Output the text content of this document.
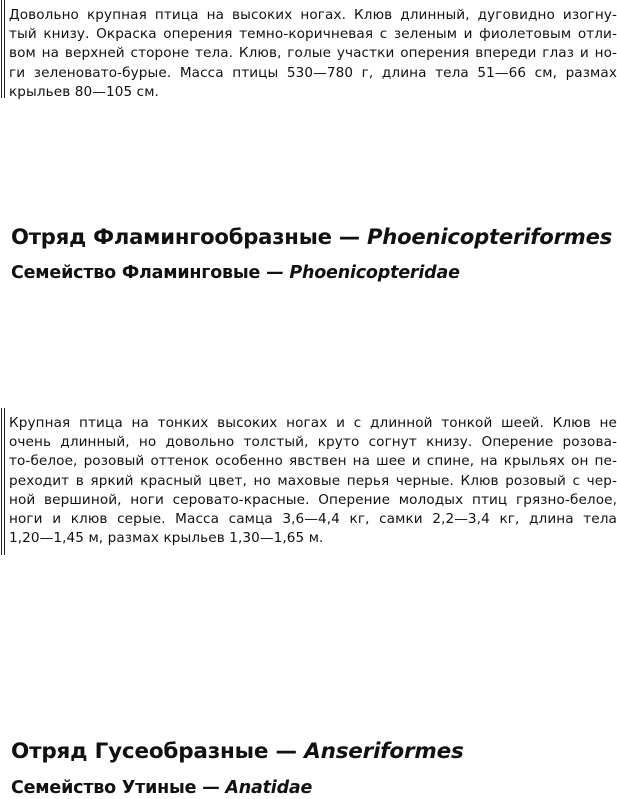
Довольно крупная птица на высоких ногах. Клюв длинный, дуговидно изогну-
тый книзу. Окраска оперения темно-коричневая с зеленым и фиолетовым отли-
вом на верхней стороне тела. Клюв, голые участки оперения впереди глаз и но-
ги зеленовато-бурые. Масса птицы 530—780 г, длина тела 51—66 см, размах
крыльев 80—105 см.

Отряд Фламингообразные — Phoenicopteriformes
Семейство Фламинговые — Phoenicopteridae

Крупная птица на тонких высоких ногах и с длинной тонкой шеей. Клюв не
очень длинный, но довольно толстый, круто согнут книзу. Оперение розова-
то-белое, розовый оттенок особенно явствен на шее и спине, на крыльях он пе-
реходит в яркий красный цвет, но маховые перья черные. Клюв розовый с чер-
ной вершиной, ноги серовато-красные. Оперение молодых птиц грязно-белое,
ноги и клюв серые. Масса самца 3,6—4,4 кг, самки 2,2—3,4 кг, длина тела
1,20—1,45 м, размах крыльев 1,30—1,65 м.

Отряд Гусеобразные — Anseriformes
Семейство Утиные — Anatidae
